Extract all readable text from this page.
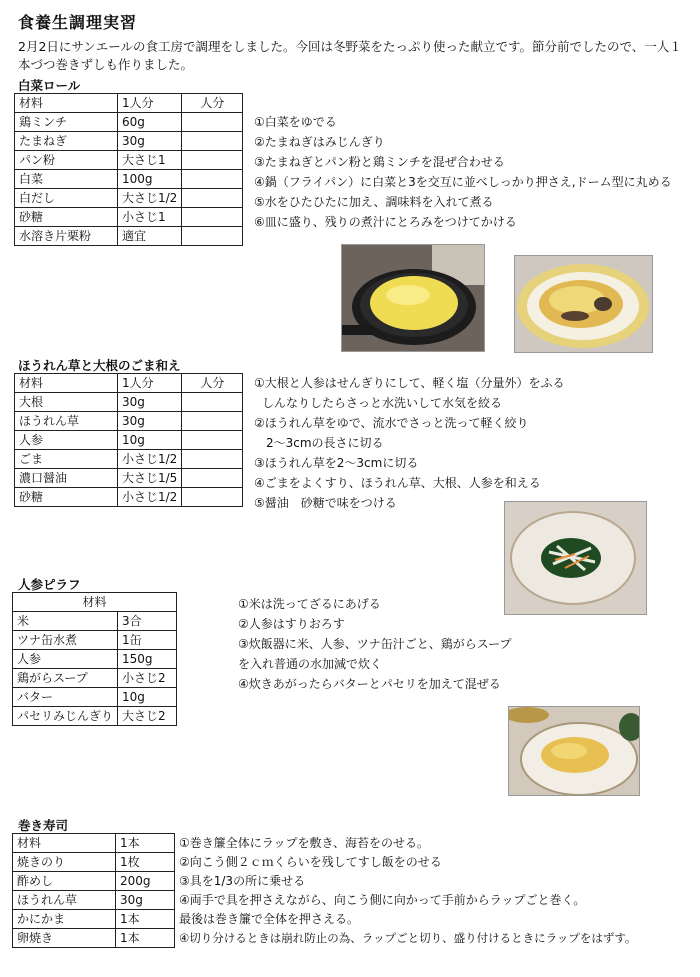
食養生調理実習
2月2日にサンエールの食工房で調理をしました。今回は冬野菜をたっぷり使った献立です。節分前でしたので、一人１本づつ巻きずしも作りました。
白菜ロール
材料	1人分	人分
鶏ミンチ	60g	
たまねぎ	30g	
パン粉	大さじ1	
白菜	100g	
白だし	大さじ1/2	
砂糖	小さじ1	
水溶き片栗粉	適宜	
①白菜をゆでる
②たまねぎはみじんぎり
③たまねぎとパン粉と鶏ミンチを混ぜ合わせる
④鍋（フライパン）に白菜と3を交互に並べしっかり押さえ,ドーム型に丸める
⑤水をひたひたに加え、調味料を入れて煮る
⑥皿に盛り、残りの煮汁にとろみをつけてかける
ほうれん草と大根のごま和え
材料	1人分	人分
大根	30g	
ほうれん草	30g	
人参	10g	
ごま	小さじ1/2	
濃口醤油	大さじ1/5	
砂糖	小さじ1/2	
①大根と人参はせんぎりにして、軽く塩（分量外）をふる
しんなりしたらさっと水洗いして水気を絞る
②ほうれん草をゆで、流水でさっと洗って軽く絞り
2～3cmの長さに切る
③ほうれん草を2～3cmに切る
④ごまをよくすり、ほうれん草、大根、人参を和える
⑤醤油　砂糖で味をつける
人参ピラフ
材料	
米	3合
ツナ缶水煮	1缶
人参	150g
鶏がらスープ	小さじ2
バター	10g
パセリみじんぎり	大さじ2
①米は洗ってざるにあげる
②人参はすりおろす
③炊飯器に米、人参、ツナ缶汁ごと、鶏がらスープ
を入れ普通の水加減で炊く
④炊きあがったらバターとパセリを加えて混ぜる
巻き寿司
材料	1本	①巻き簾全体にラップを敷き、海苔をのせる。
焼きのり	1枚	②向こう側２ｃｍくらいを残してすし飯をのせる
酢めし	200g	③具を1/3の所に乗せる
ほうれん草	30g	④両手で具を押さえながら、向こう側に向かって手前からラップごと巻く。
かにかま	1本	最後は巻き簾で全体を押さえる。
卵焼き	1本	④切り分けるときは崩れ防止の為、ラップごと切り、盛り付けるときにラップをはずす。
